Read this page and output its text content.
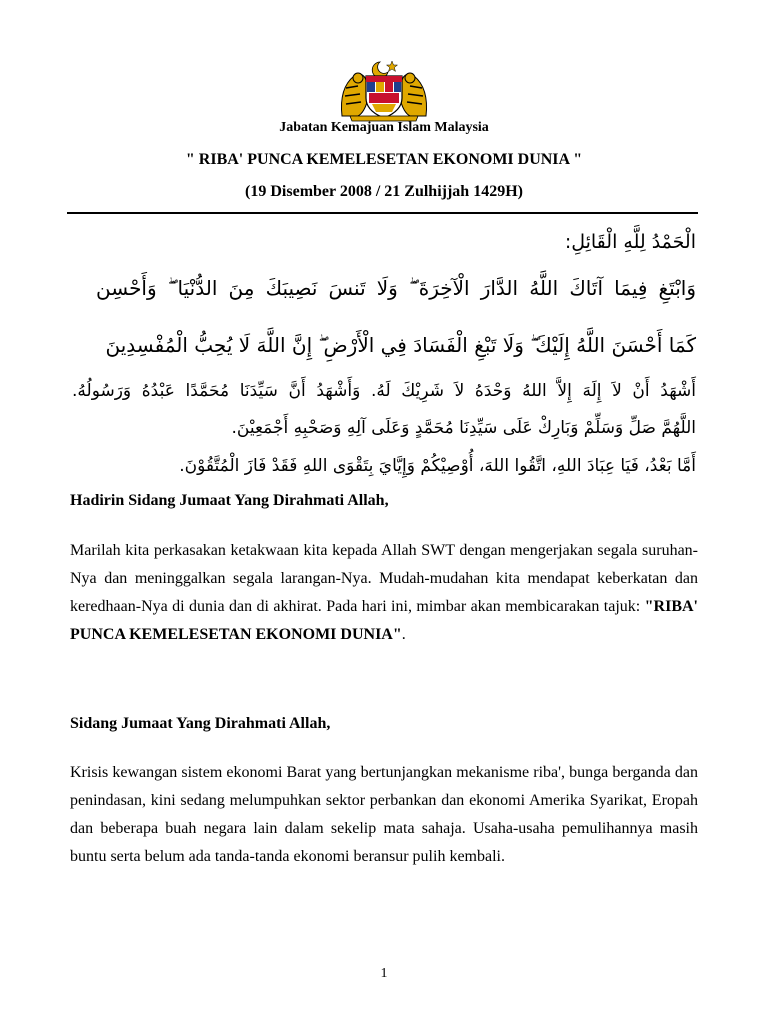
Jabatan Kemajuan Islam Malaysia
" RIBA' PUNCA KEMELESETAN EKONOMI DUNIA "
(19 Disember 2008 / 21 Zulhijjah 1429H)
الْحَمْدُ لِلَّهِ الْقَائِلِ:
وَابْتَغِ فِيمَا آتَاكَ اللَّهُ الدَّارَ الْآخِرَةَ ۖ وَلَا تَنسَ نَصِيبَكَ مِنَ الدُّنْيَا ۖ وَأَحْسِن
كَمَا أَحْسَنَ اللَّهُ إِلَيْكَ ۖ وَلَا تَبْغِ الْفَسَادَ فِي الْأَرْضِ ۖ إِنَّ اللَّهَ لَا يُحِبُّ الْمُفْسِدِينَ
أَشْهَدُ أَنْ لاَ إِلَهَ إِلاَّ اللهُ وَحْدَهُ لاَ شَرِيْكَ لَهُ. وَأَشْهَدُ أَنَّ سَيِّدَنَا مُحَمَّدًا عَبْدُهُ وَرَسُولُهُ.
اللَّهُمَّ صَلِّ وَسَلِّمْ وَبَارِكْ عَلَى سَيِّدِنَا مُحَمَّدٍ وَعَلَى آلِهِ وَصَحْبِهِ أَجْمَعِيْنَ.
أَمَّا بَعْدُ، فَيَا عِبَادَ اللهِ، اتَّقُوا اللهَ، أُوْصِيْكُمْ وَإِيَّايَ بِتَقْوَى اللهِ فَقَدْ فَازَ الْمُتَّقُوْنَ.
Hadirin Sidang Jumaat Yang Dirahmati Allah,

Marilah kita perkasakan ketakwaan kita kepada Allah SWT dengan mengerjakan segala suruhan-Nya dan meninggalkan segala larangan-Nya. Mudah-mudahan kita mendapat keberkatan dan keredhaan-Nya di dunia dan di akhirat. Pada hari ini, mimbar akan membicarakan tajuk: "RIBA' PUNCA KEMELESETAN EKONOMI DUNIA".

Sidang Jumaat Yang Dirahmati Allah,

Krisis kewangan sistem ekonomi Barat yang bertunjangkan mekanisme riba', bunga berganda dan penindasan, kini sedang melumpuhkan sektor perbankan dan ekonomi Amerika Syarikat, Eropah dan beberapa buah negara lain dalam sekelip mata sahaja. Usaha-usaha pemulihannya masih buntu serta belum ada tanda-tanda ekonomi beransur pulih kembali.

1
